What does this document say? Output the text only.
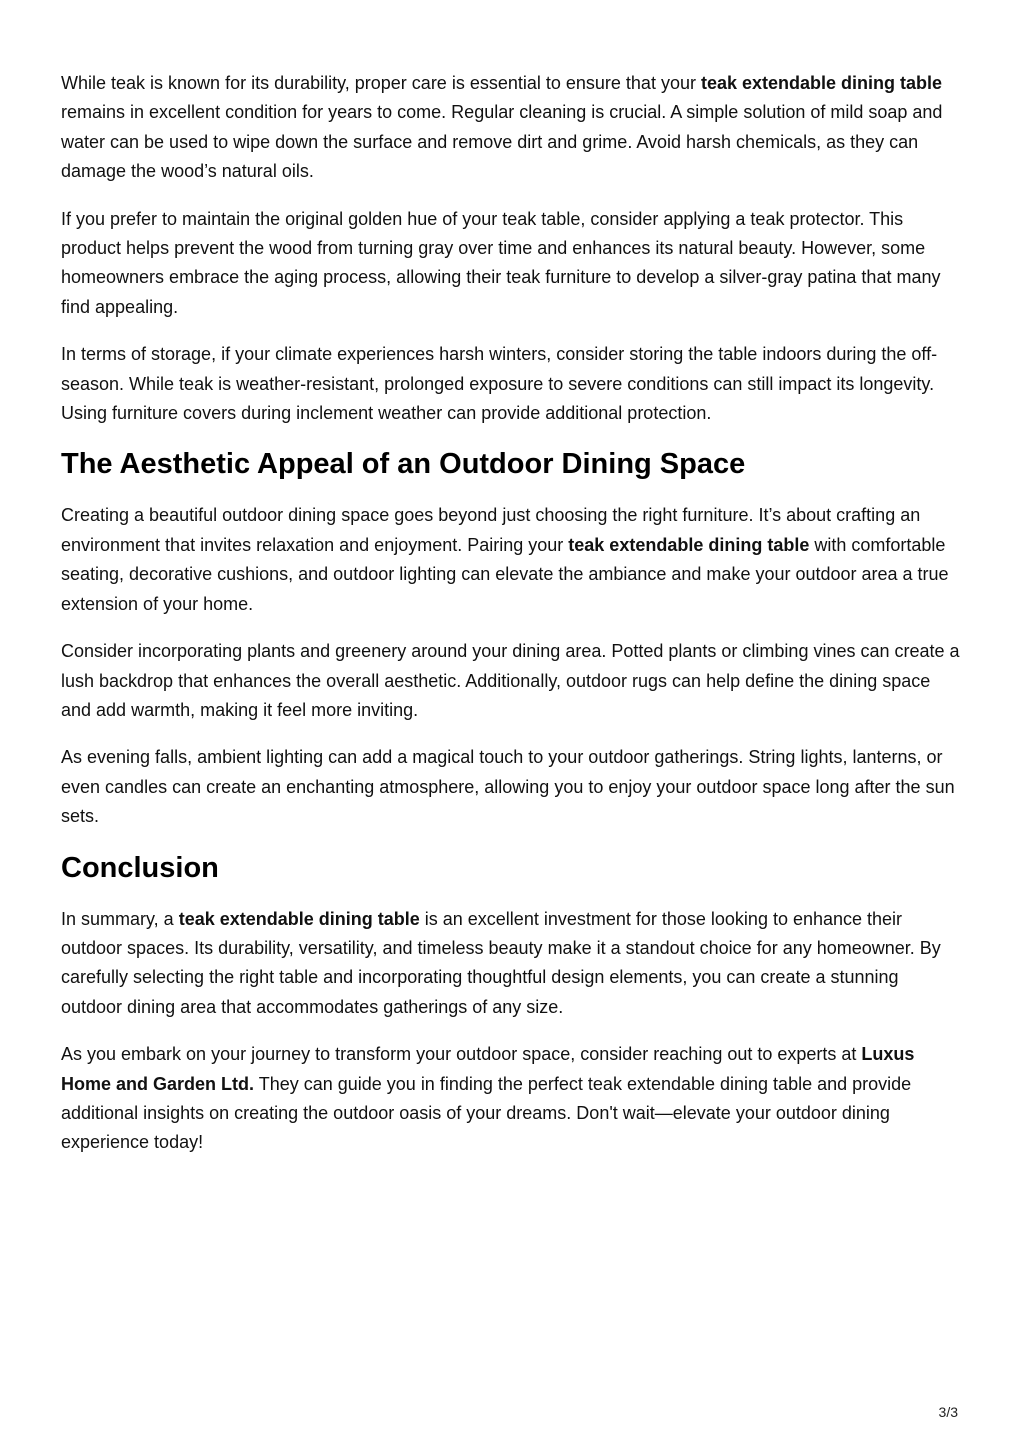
While teak is known for its durability, proper care is essential to ensure that your teak extendable dining table remains in excellent condition for years to come. Regular cleaning is crucial. A simple solution of mild soap and water can be used to wipe down the surface and remove dirt and grime. Avoid harsh chemicals, as they can damage the wood’s natural oils.

If you prefer to maintain the original golden hue of your teak table, consider applying a teak protector. This product helps prevent the wood from turning gray over time and enhances its natural beauty. However, some homeowners embrace the aging process, allowing their teak furniture to develop a silver-gray patina that many find appealing.

In terms of storage, if your climate experiences harsh winters, consider storing the table indoors during the off-season. While teak is weather-resistant, prolonged exposure to severe conditions can still impact its longevity. Using furniture covers during inclement weather can provide additional protection.

The Aesthetic Appeal of an Outdoor Dining Space

Creating a beautiful outdoor dining space goes beyond just choosing the right furniture. It’s about crafting an environment that invites relaxation and enjoyment. Pairing your teak extendable dining table with comfortable seating, decorative cushions, and outdoor lighting can elevate the ambiance and make your outdoor area a true extension of your home.

Consider incorporating plants and greenery around your dining area. Potted plants or climbing vines can create a lush backdrop that enhances the overall aesthetic. Additionally, outdoor rugs can help define the dining space and add warmth, making it feel more inviting.

As evening falls, ambient lighting can add a magical touch to your outdoor gatherings. String lights, lanterns, or even candles can create an enchanting atmosphere, allowing you to enjoy your outdoor space long after the sun sets.

Conclusion

In summary, a teak extendable dining table is an excellent investment for those looking to enhance their outdoor spaces. Its durability, versatility, and timeless beauty make it a standout choice for any homeowner. By carefully selecting the right table and incorporating thoughtful design elements, you can create a stunning outdoor dining area that accommodates gatherings of any size.

As you embark on your journey to transform your outdoor space, consider reaching out to experts at Luxus Home and Garden Ltd. They can guide you in finding the perfect teak extendable dining table and provide additional insights on creating the outdoor oasis of your dreams. Don't wait—elevate your outdoor dining experience today!

3/3
